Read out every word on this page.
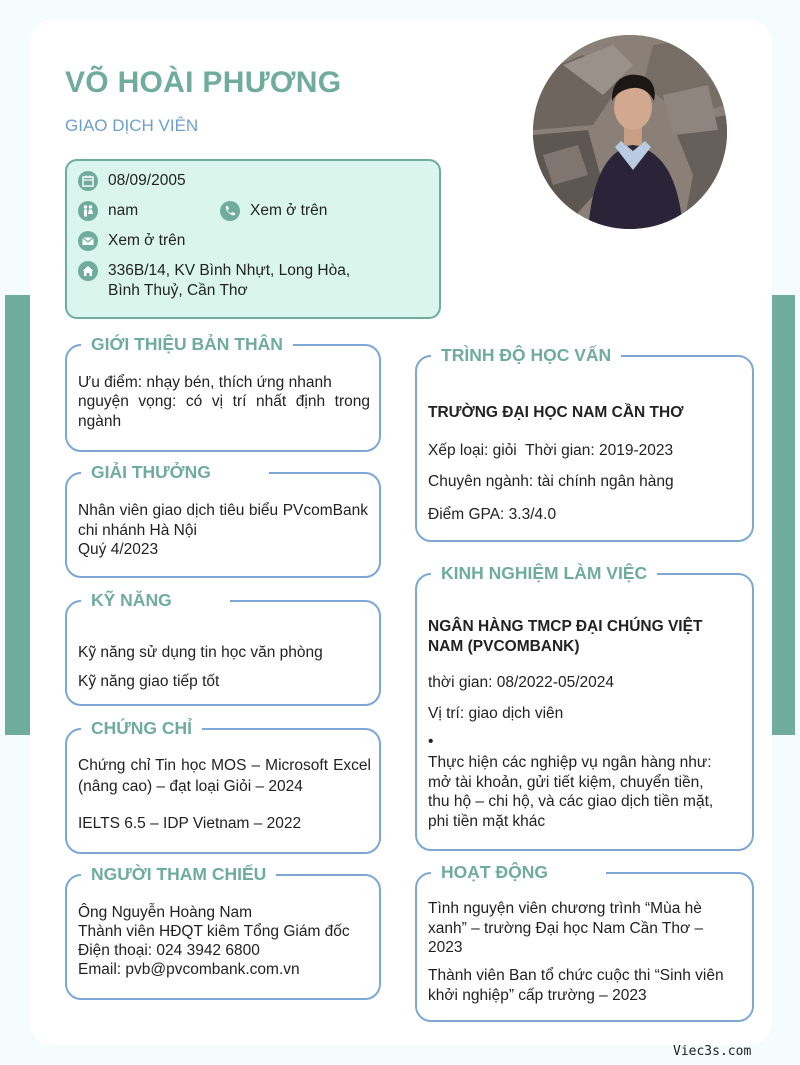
VÕ HOÀI PHƯƠNG
GIAO DỊCH VIÊN
08/09/2005
nam	Xem ở trên
Xem ở trên
336B/14, KV Bình Nhựt, Long Hòa, Bình Thuỷ, Cần Thơ
GIỚI THIỆU BẢN THÂN
Ưu điểm: nhạy bén, thích ứng nhanh
nguyện vọng: có vị trí nhất định trong ngành
GIẢI THƯỞNG
Nhân viên giao dịch tiêu biểu PVcomBank chi nhánh Hà Nội
Quý 4/2023
KỸ NĂNG
Kỹ năng sử dụng tin học văn phòng
Kỹ năng giao tiếp tốt
CHỨNG CHỈ
Chứng chỉ Tin học MOS – Microsoft Excel (nâng cao) – đạt loại Giỏi – 2024
IELTS 6.5 – IDP Vietnam – 2022
NGƯỜI THAM CHIẾU
Ông Nguyễn Hoàng Nam
Thành viên HĐQT kiêm Tổng Giám đốc
Điện thoại: 024 3942 6800
Email: pvb@pvcombank.com.vn
TRÌNH ĐỘ HỌC VẤN
TRƯỜNG ĐẠI HỌC NAM CẦN THƠ
Xếp loại: giỏi  Thời gian: 2019-2023
Chuyên ngành: tài chính ngân hàng
Điểm GPA: 3.3/4.0
KINH NGHIỆM LÀM VIỆC
NGÂN HÀNG TMCP ĐẠI CHÚNG VIỆT NAM (PVCOMBANK)
thời gian: 08/2022-05/2024
Vị trí: giao dịch viên
•
Thực hiện các nghiệp vụ ngân hàng như: mở tài khoản, gửi tiết kiệm, chuyển tiền, thu hộ – chi hộ, và các giao dịch tiền mặt, phi tiền mặt khác
HOẠT ĐỘNG
Tình nguyện viên chương trình “Mùa hè xanh” – trường Đại học Nam Cần Thơ – 2023
Thành viên Ban tổ chức cuộc thi “Sinh viên khởi nghiệp” cấp trường – 2023
Viec3s.com
